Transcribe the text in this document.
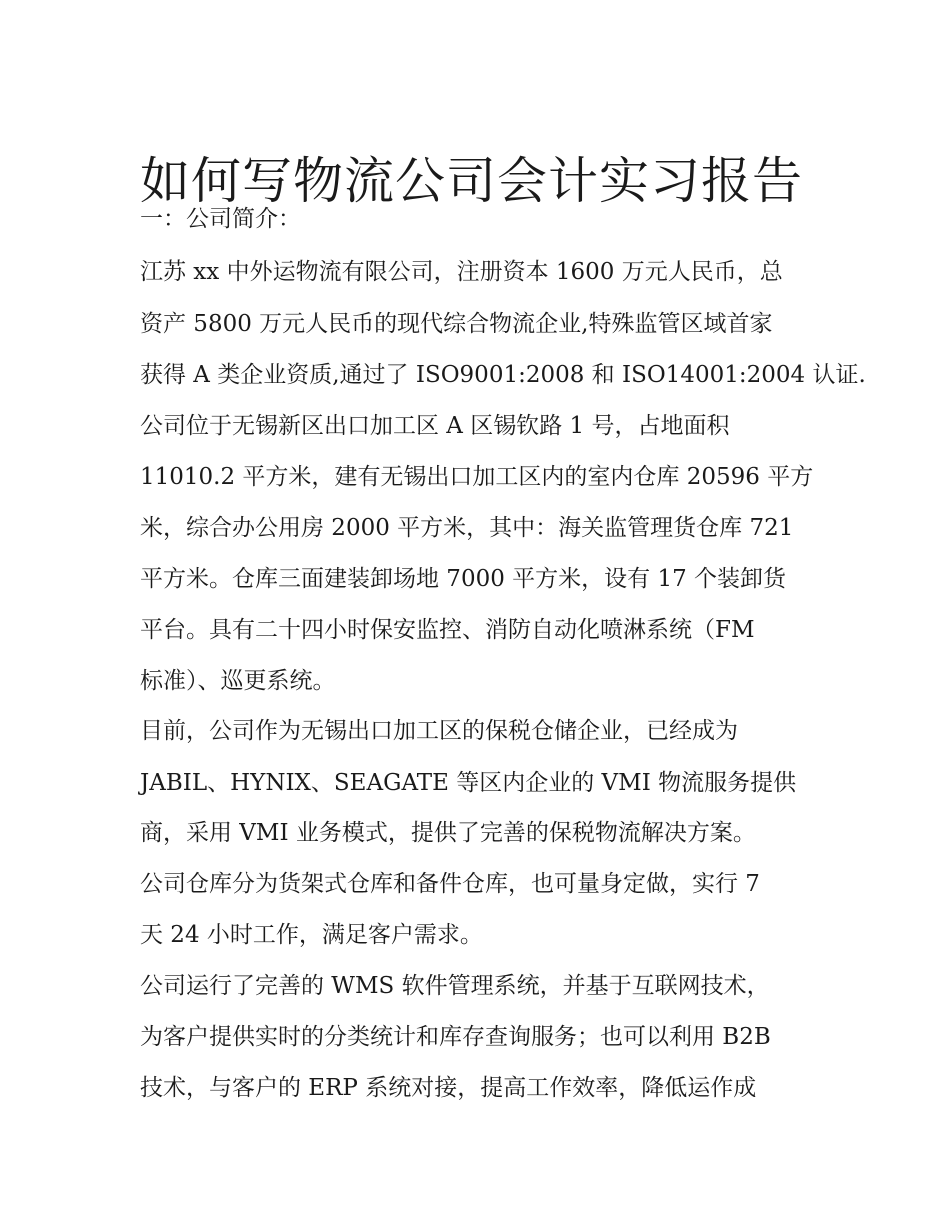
如何写物流公司会计实习报告
一：公司简介：
江苏 xx 中外运物流有限公司，注册资本 1600 万元人民币，总
资产 5800 万元人民币的现代综合物流企业,特殊监管区域首家
获得 A 类企业资质,通过了 ISO9001:2008 和 ISO14001:2004 认证.
公司位于无锡新区出口加工区 A 区锡钦路 1 号，占地面积
11010.2 平方米，建有无锡出口加工区内的室内仓库 20596 平方
米，综合办公用房 2000 平方米，其中：海关监管理货仓库 721
平方米。仓库三面建装卸场地 7000 平方米，设有 17 个装卸货
平台。具有二十四小时保安监控、消防自动化喷淋系统（FM
标准）、巡更系统。
目前，公司作为无锡出口加工区的保税仓储企业，已经成为
JABIL、HYNIX、SEAGATE 等区内企业的 VMI 物流服务提供
商，采用 VMI 业务模式，提供了完善的保税物流解决方案。
公司仓库分为货架式仓库和备件仓库，也可量身定做，实行 7
天 24 小时工作，满足客户需求。
公司运行了完善的 WMS 软件管理系统，并基于互联网技术，
为客户提供实时的分类统计和库存查询服务；也可以利用 B2B
技术，与客户的 ERP 系统对接，提高工作效率，降低运作成
